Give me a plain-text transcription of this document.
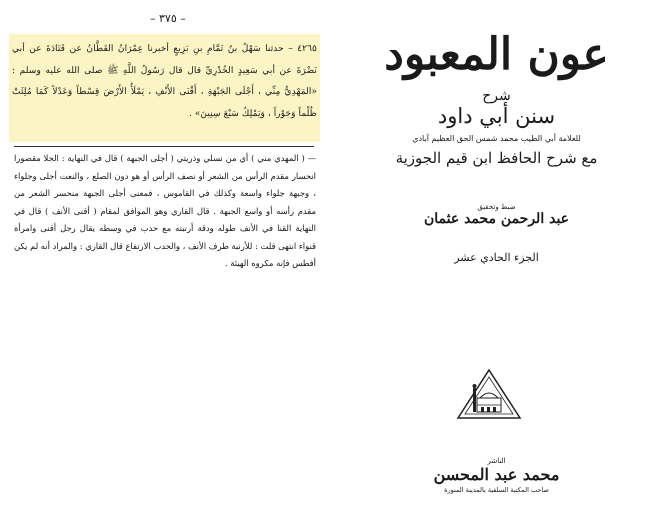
– ٣٧٥ –
٤٢٦٥ – حدثنا سَهْلُ بنُ تَمَّامِ بنِ بَزِيعٍ أخبرنا عِمْرَانُ القَطَّانُ عن قَتَادَةَ عن أبي نَضْرَةَ عن أبي سَعِيدٍ الخُدْرِيِّ قال قال رَسُولُ اللَّهِ ﷺ صلى الله عليه وسلم : «المَهْدِيُّ مِنِّي ، أَجْلَى الجَبْهَةِ ، أَقْنَى الأَنْفِ ، يَمْلَأُ الأَرْضَ قِسْطاً وَعَدْلاً كَمَا مُلِئَتْ ظُلْماً وَجَوْراً ، وَيَمْلِكُ سَبْعَ سِنِينَ» .
— ( المهدي مني ) أي من نسلي وذريتي ( أجلى الجبهة ) قال في النهاية : الجلا مقصورا انحسار مقدم الرأس من الشعر أو نصف الرأس أو هو دون الصلع ، والنعت أجلى وجلواء ، وجبهة جلواء واسعة وكذلك في القاموس ، فمعنى أجلى الجبهة منحسر الشعر من مقدم رأسه أو واسع الجبهة . قال القاري وهو الموافق لمقام ( أقنى الأنف ) قال في النهاية القنا في الأنف طوله ودقة أرنبته مع حدب في وسطه يقال رجل أقنى وامرأة قنواء انتهى قلت : للأرنبة طرف الأنف ، والحدب الارتفاع قال القاري : والمراد أنه لم يكن أفطس فإنه مكروه الهيئة .
عون المعبود
شرح
سنن أبي داود
للعلامة أبي الطيب محمد شمس الحق العظيم آبادي
مع شرح الحافظ ابن قيم الجوزية
ضبط وتحقيق
عبد الرحمن محمد عثمان
الجزء الحادي عشر
الناشر
محمد عبد المحسن
صاحب المكتبة السلفية بالمدينة المنورة
